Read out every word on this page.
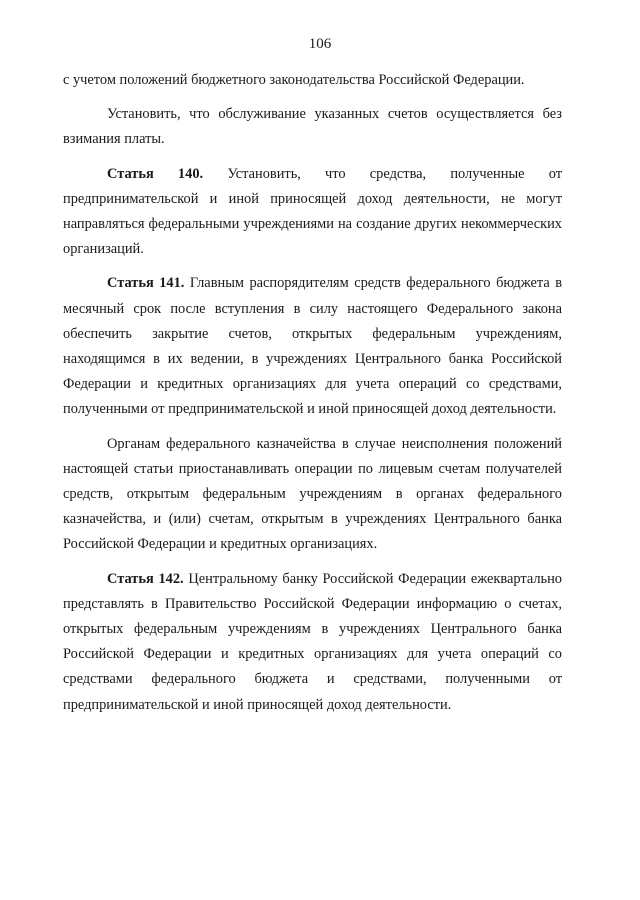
106

с учетом положений бюджетного законодательства Российской Федерации.

Установить, что обслуживание указанных счетов осуществляется без взимания платы.

Статья 140. Установить, что средства, полученные от предпринимательской и иной приносящей доход деятельности, не могут направляться федеральными учреждениями на создание других некоммерческих организаций.

Статья 141. Главным распорядителям средств федерального бюджета в месячный срок после вступления в силу настоящего Федерального закона обеспечить закрытие счетов, открытых федеральным учреждениям, находящимся в их ведении, в учреждениях Центрального банка Российской Федерации и кредитных организациях для учета операций со средствами, полученными от предпринимательской и иной приносящей доход деятельности.

Органам федерального казначейства в случае неисполнения положений настоящей статьи приостанавливать операции по лицевым счетам получателей средств, открытым федеральным учреждениям в органах федерального казначейства, и (или) счетам, открытым в учреждениях Центрального банка Российской Федерации и кредитных организациях.

Статья 142. Центральному банку Российской Федерации ежеквартально представлять в Правительство Российской Федерации информацию о счетах, открытых федеральным учреждениям в учреждениях Центрального банка Российской Федерации и кредитных организациях для учета операций со средствами федерального бюджета и средствами, полученными от предпринимательской и иной приносящей доход деятельности.
